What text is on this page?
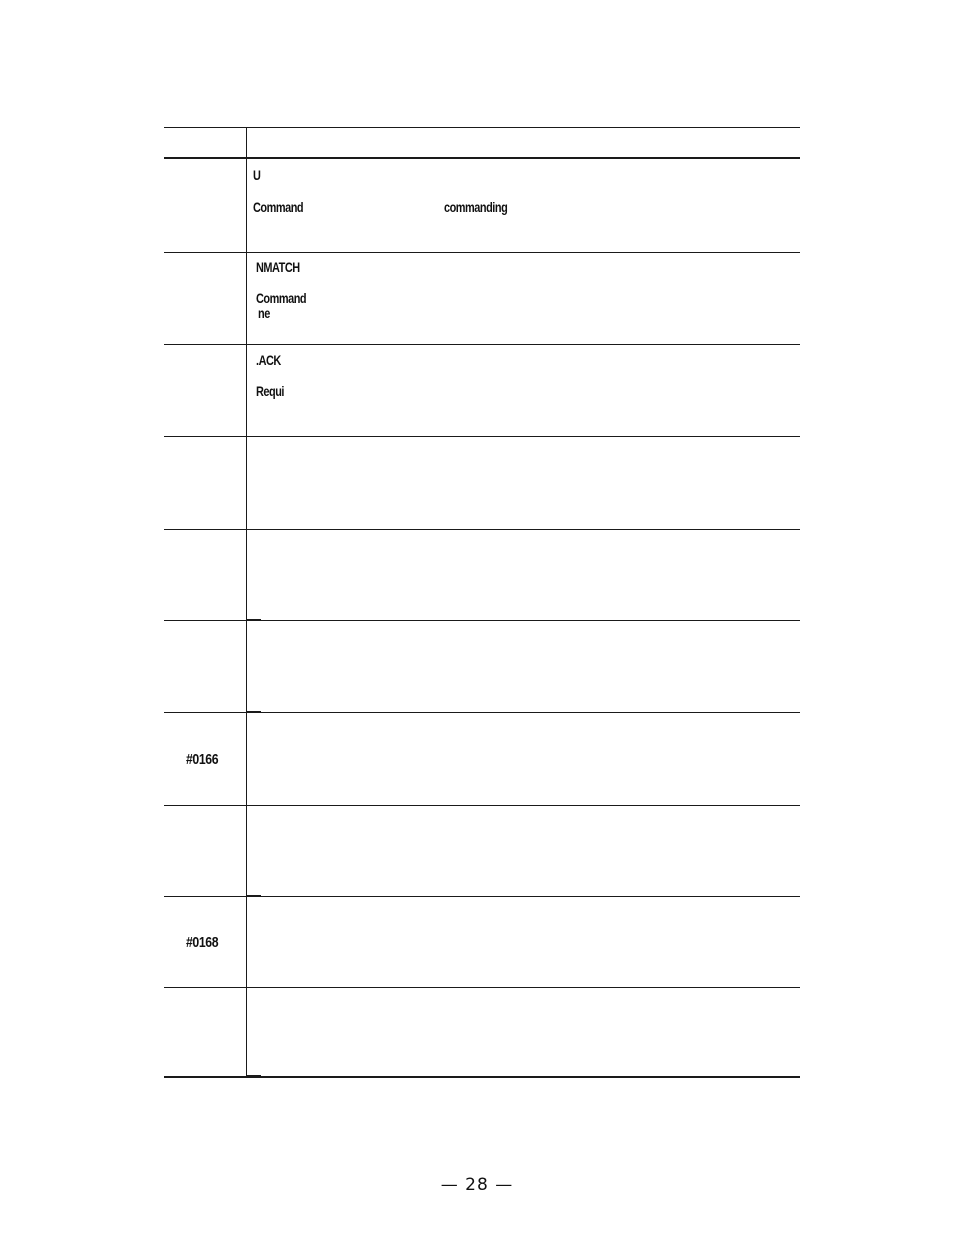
U
Command	commanding
NMATCH
Command
ne
.ACK
Requi
#0166
#0168
— 28 —
